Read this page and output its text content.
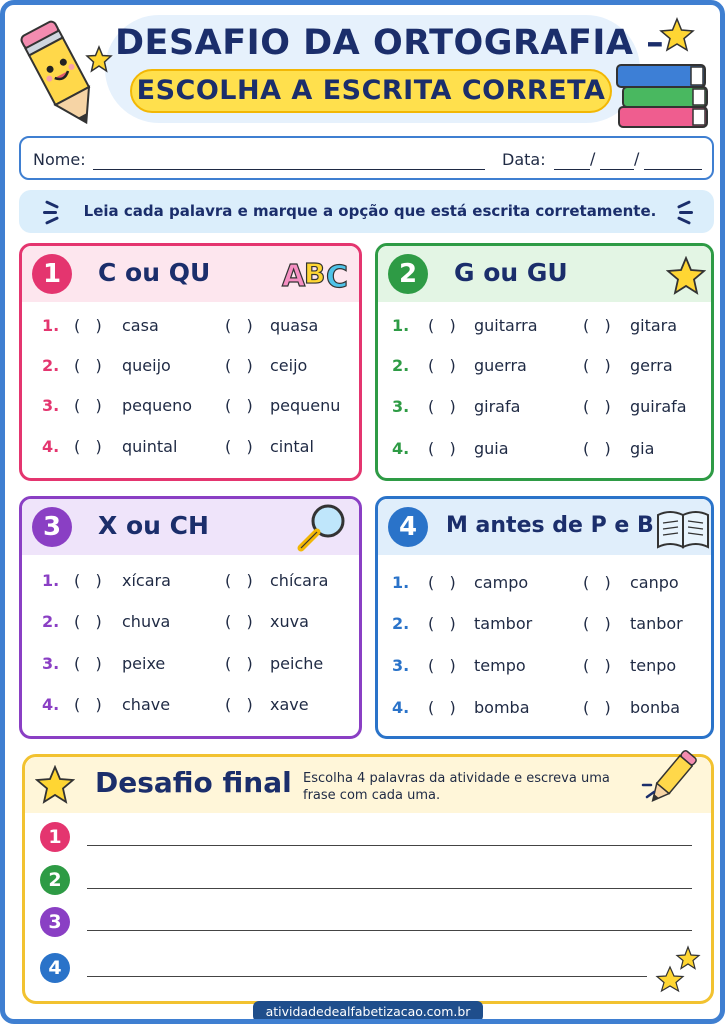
DESAFIO DA ORTOGRAFIA –
ESCOLHA A ESCRITA CORRETA
Nome:	Data:	/ /
Leia cada palavra e marque a opção que está escrita corretamente.
1	C ou QU A
B C
1. (   ) casa	(   ) quasa
2. (   ) queijo	(   ) ceijo
3. (   ) pequeno (   ) pequenu
4. (   ) quintal	(   ) cintal
2	G ou GU
1. (   ) guitarra	(   ) gitara
2. (   ) guerra	(   ) gerra
3. (   ) girafa	(   ) guirafa
4. (   ) guia	(   ) gia
3	X ou CH
1. (   ) xícara	(   ) chícara
2. (   ) chuva	(   ) xuva
3. (   ) peixe	(   ) peiche
4. (   ) chave	(   ) xave
4	M antes de P e B
1. (   ) campo	(   ) canpo
2. (   ) tambor	(   ) tanbor
3. (   ) tempo	(   ) tenpo
4. (   ) bomba	(   ) bonba
Desafio final Escolha 4 palavras da atividade e escreva uma frase com cada uma.
1
2
3
4
atividadedealfabetizacao.com.br
